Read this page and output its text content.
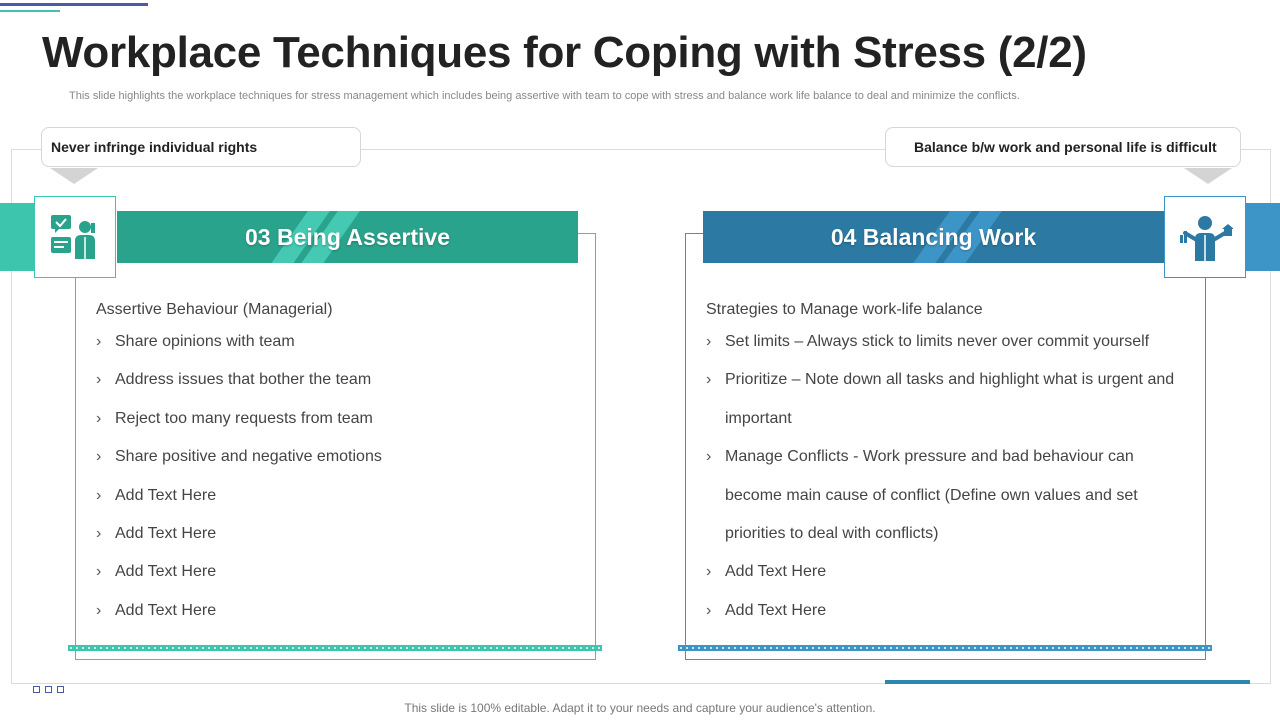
Workplace Techniques for Coping with Stress (2/2)
This slide highlights the workplace techniques for stress management which includes being assertive with team to cope with stress and balance work life balance to deal and minimize the conflicts.
Never infringe individual rights	Balance b/w work and personal life is difficult
03 Being Assertive	04 Balancing Work
Assertive Behaviour (Managerial)
› Share opinions with team
› Address issues that bother the team
› Reject too many requests from team
› Share positive and negative emotions
› Add Text Here
› Add Text Here
› Add Text Here
› Add Text Here
Strategies to Manage work-life balance
› Set limits – Always stick to limits never over commit yourself
› Prioritize – Note down all tasks and highlight what is urgent and
important
› Manage Conflicts - Work pressure and bad behaviour can
become main cause of conflict (Define own values and set
priorities to deal with conflicts)
› Add Text Here
› Add Text Here
This slide is 100% editable. Adapt it to your needs and capture your audience's attention.
